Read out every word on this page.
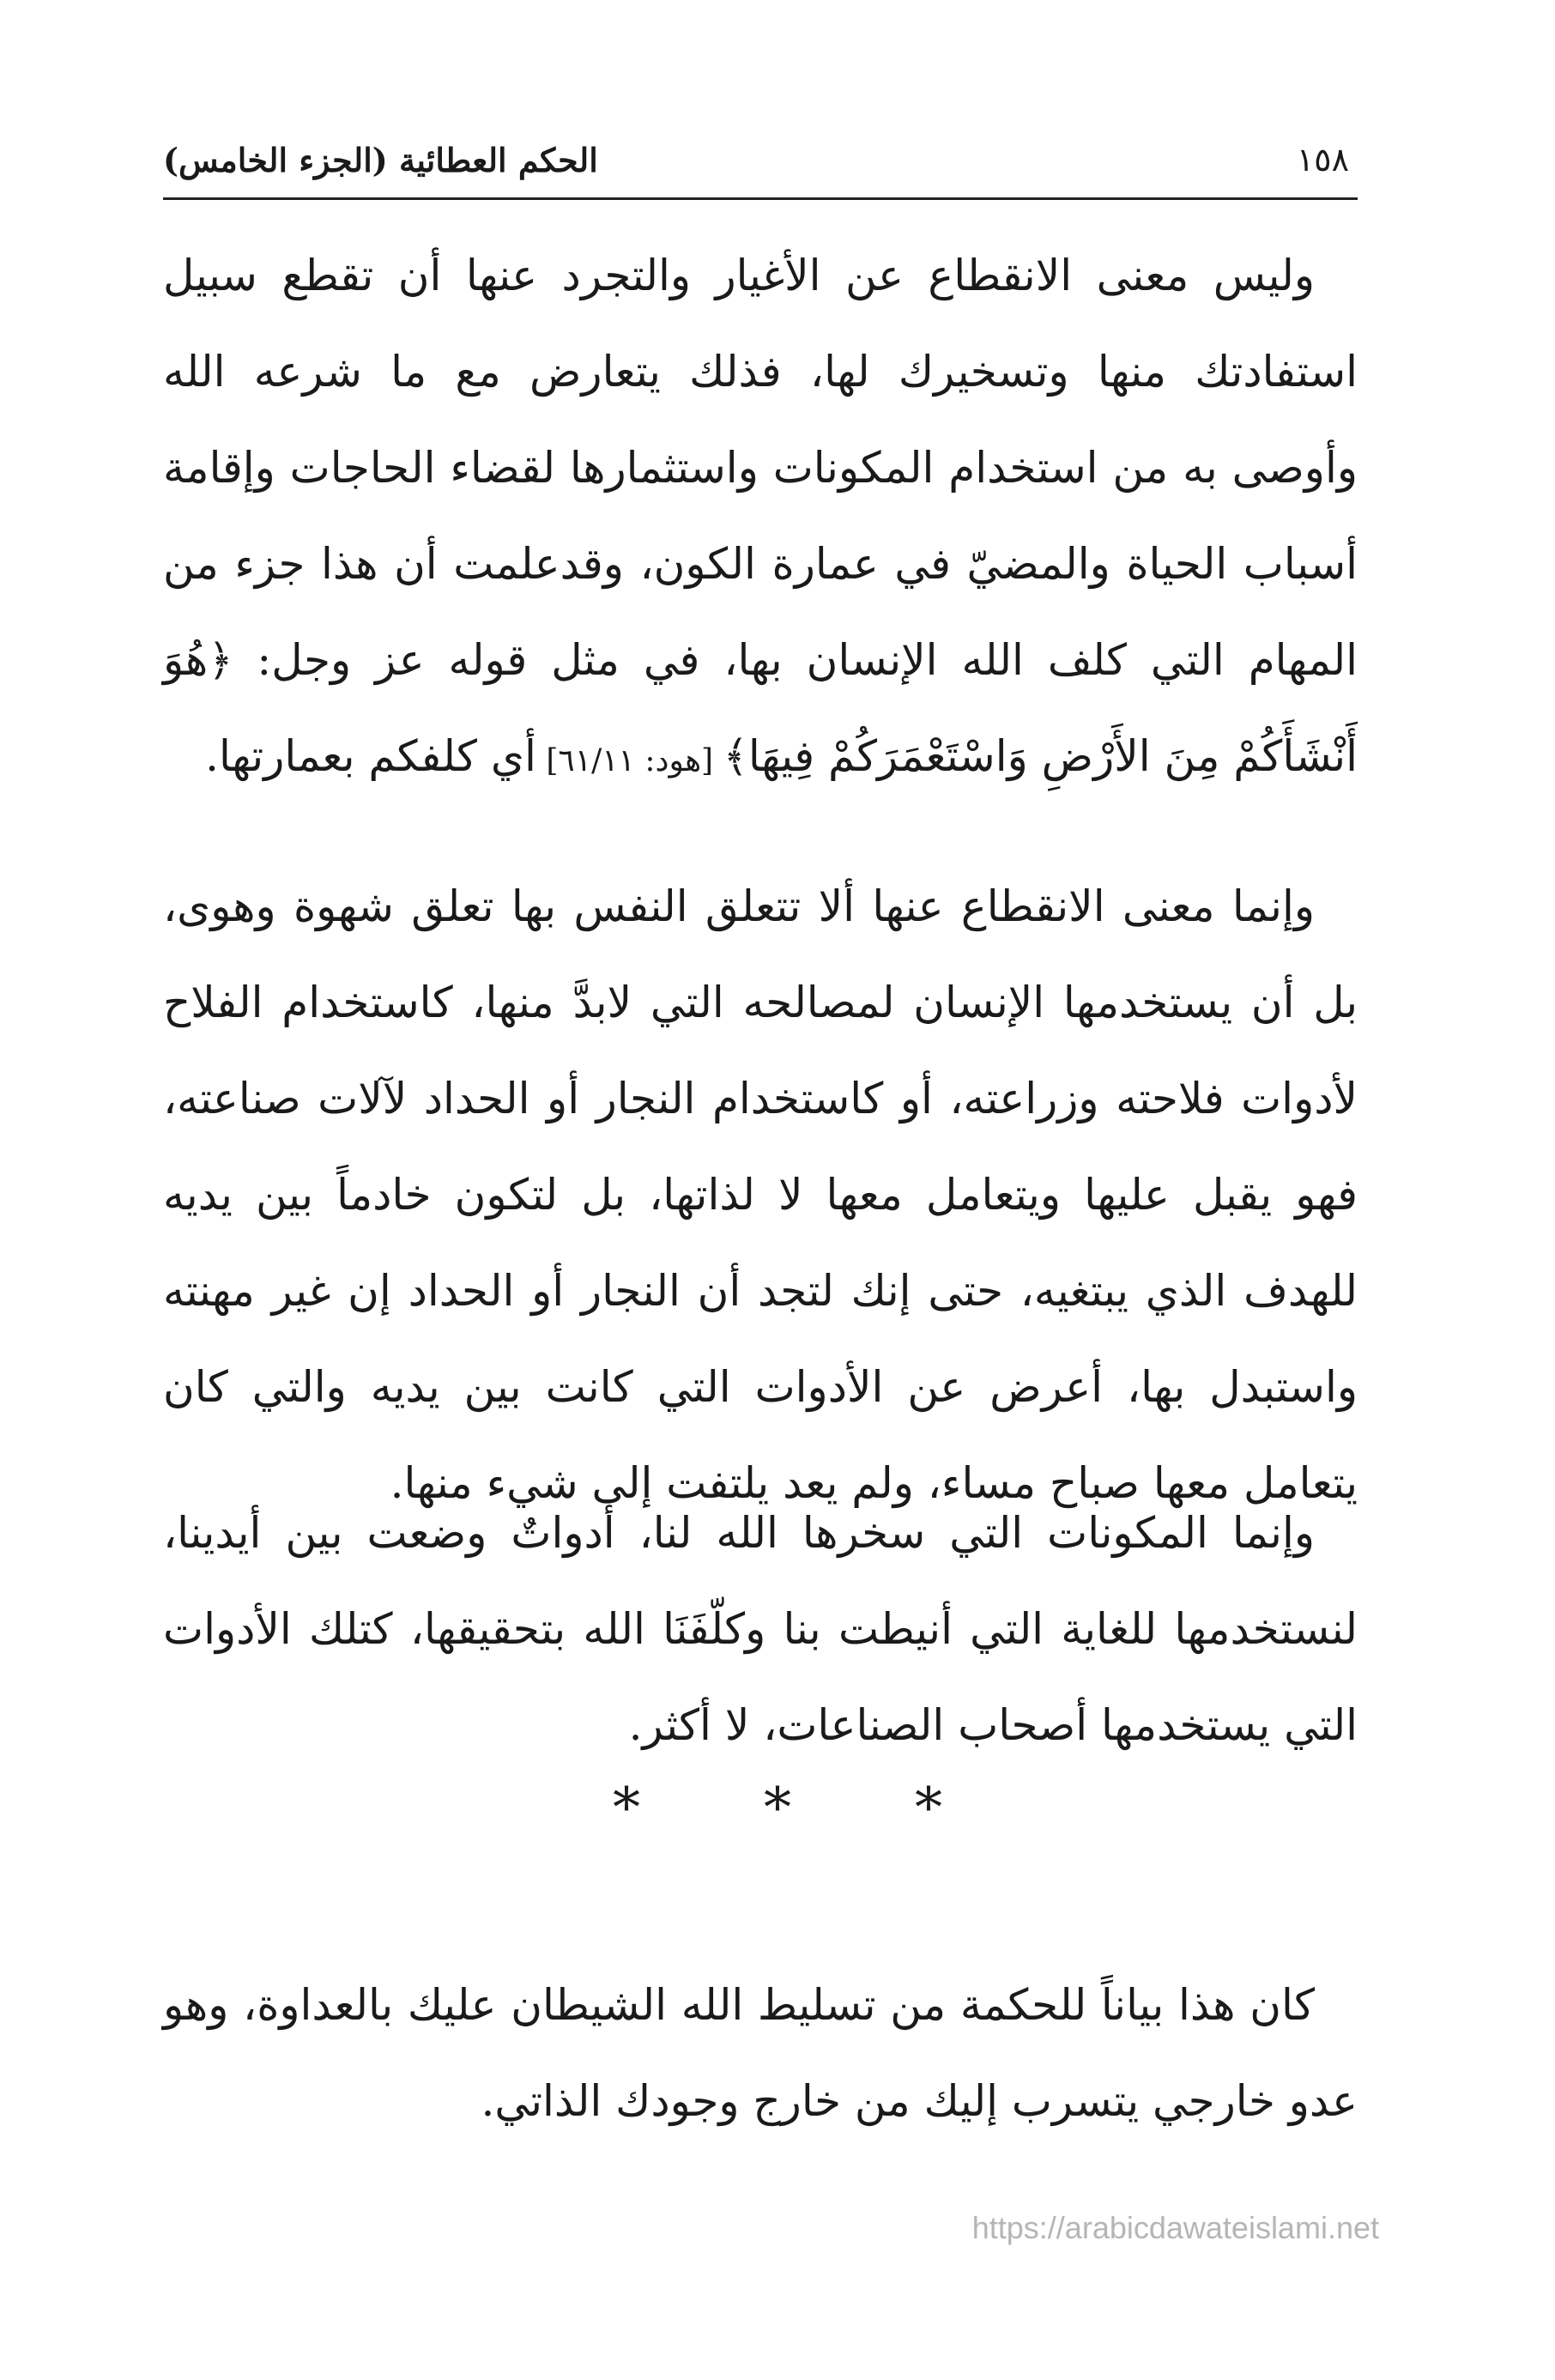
الحكم العطائية (الجزء الخامس)	١٥٨

وليس معنى الانقطاع عن الأغيار والتجرد عنها أن تقطع سبيل استفادتك منها وتسخيرك لها، فذلك يتعارض مع ما شرعه الله وأوصى به من استخدام المكونات واستثمارها لقضاء الحاجات وإقامة أسباب الحياة والمضيّ في عمارة الكون، وقدعلمت أن هذا جزء من المهام التي كلف الله الإنسان بها، في مثل قوله عز وجل: ﴿هُوَ أَنْشَأَكُمْ مِنَ الأَرْضِ وَاسْتَعْمَرَكُمْ فِيهَا﴾ [هود: ٦١/١١] أي كلفكم بعمارتها.

وإنما معنى الانقطاع عنها ألا تتعلق النفس بها تعلق شهوة وهوى، بل أن يستخدمها الإنسان لمصالحه التي لابدَّ منها، كاستخدام الفلاح لأدوات فلاحته وزراعته، أو كاستخدام النجار أو الحداد لآلات صناعته، فهو يقبل عليها ويتعامل معها لا لذاتها، بل لتكون خادماً بين يديه للهدف الذي يبتغيه، حتى إنك لتجد أن النجار أو الحداد إن غير مهنته واستبدل بها، أعرض عن الأدوات التي كانت بين يديه والتي كان يتعامل معها صباح مساء، ولم يعد يلتفت إلى شيء منها.

وإنما المكونات التي سخرها الله لنا، أدواتٌ وضعت بين أيدينا، لنستخدمها للغاية التي أنيطت بنا وكلّفَنَا الله بتحقيقها، كتلك الأدوات التي يستخدمها أصحاب الصناعات، لا أكثر.

* * *

كان هذا بياناً للحكمة من تسليط الله الشيطان عليك بالعداوة، وهو عدو خارجي يتسرب إليك من خارج وجودك الذاتي.

https://arabicdawateislami.net
